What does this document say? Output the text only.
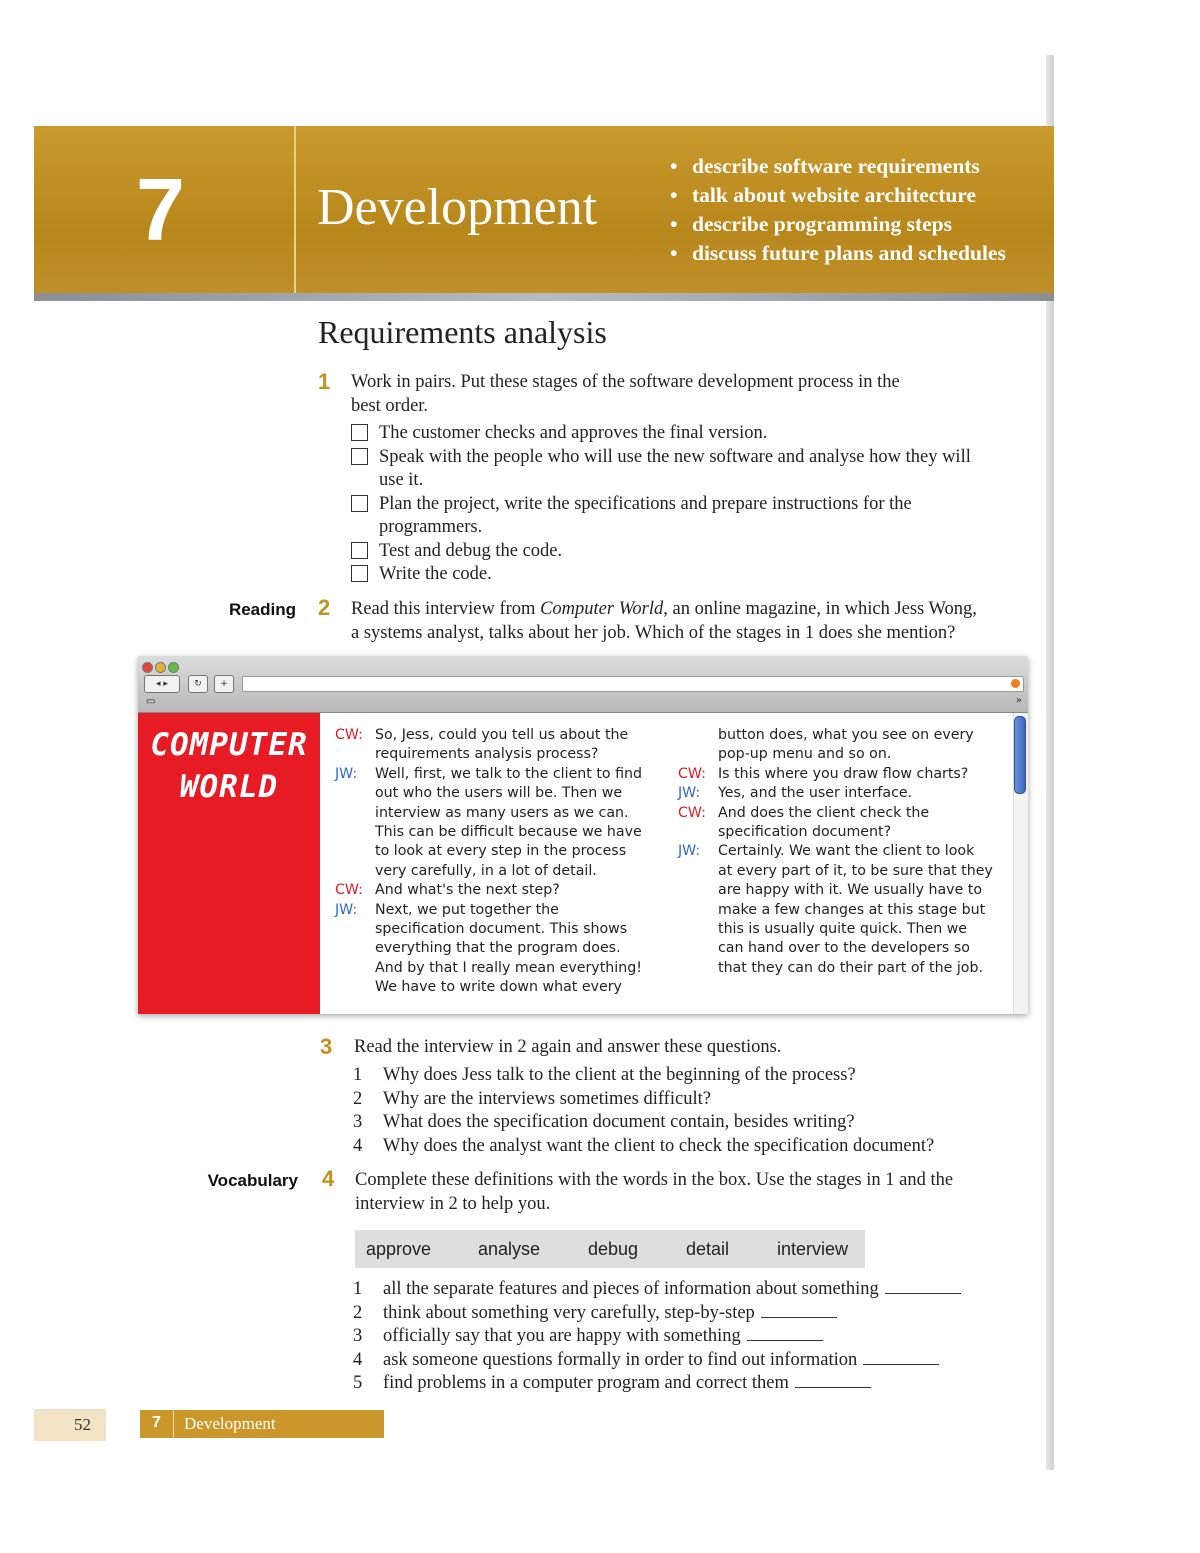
7	Development
• describe software requirements
• talk about website architecture
• describe programming steps
• discuss future plans and schedules
Requirements analysis
1 Work in pairs. Put these stages of the software development process in the
best order.
The customer checks and approves the final version.
Speak with the people who will use the new software and analyse how they will use it.
Plan the project, write the specifications and prepare instructions for the programmers.
Test and debug the code.
Write the code.
Reading 2 Read this interview from Computer World, an online magazine, in which Jess Wong,
a systems analyst, talks about her job. Which of the stages in 1 does she mention?
◂ ▸	↻	+
▭	»
COMPUTER
WORLD
CW: So, Jess, could you tell us about the
requirements analysis process?
JW: Well, first, we talk to the client to find
out who the users will be. Then we
interview as many users as we can.
This can be difficult because we have
to look at every step in the process
very carefully, in a lot of detail.
CW: And what's the next step?
JW: Next, we put together the
specification document. This shows
everything that the program does.
And by that I really mean everything!
We have to write down what every
button does, what you see on every
pop-up menu and so on.
CW: Is this where you draw flow charts?
JW: Yes, and the user interface.
CW: And does the client check the
specification document?
JW: Certainly. We want the client to look
at every part of it, to be sure that they
are happy with it. We usually have to
make a few changes at this stage but
this is usually quite quick. Then we
can hand over to the developers so
that they can do their part of the job.
3 Read the interview in 2 again and answer these questions.
1 Why does Jess talk to the client at the beginning of the process?
2 Why are the interviews sometimes difficult?
3 What does the specification document contain, besides writing?
4 Why does the analyst want the client to check the specification document?
Vocabulary 4 Complete these definitions with the words in the box. Use the stages in 1 and the
interview in 2 to help you.
approve	analyse	debug	detail	interview
1 all the separate features and pieces of information about something
2 think about something very carefully, step-by-step
3 officially say that you are happy with something
4 ask someone questions formally in order to find out information
5 find problems in a computer program and correct them
52	7 Development
